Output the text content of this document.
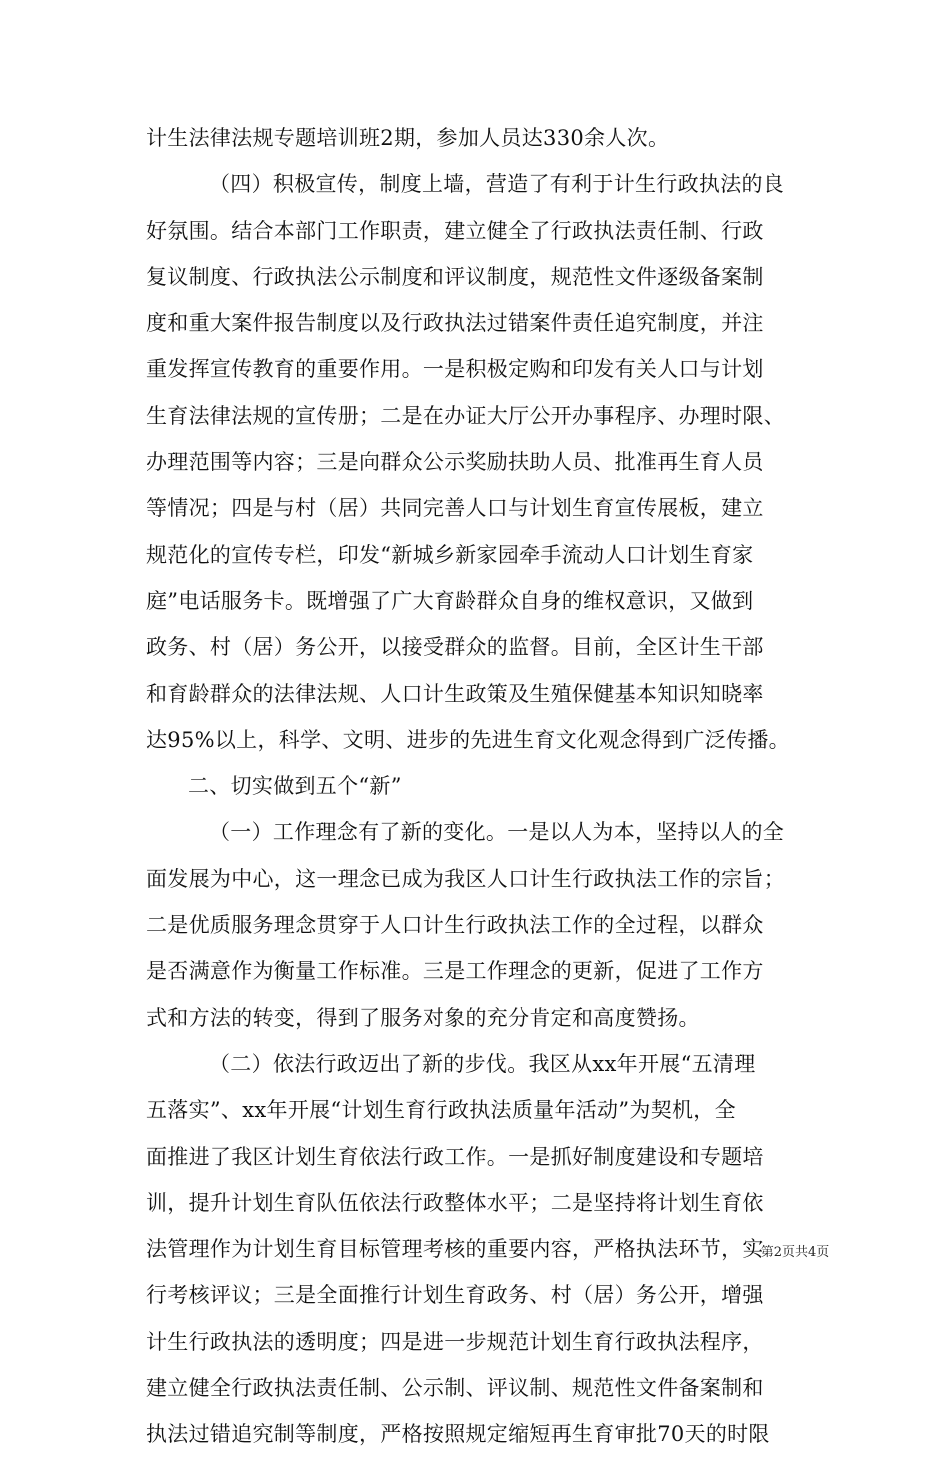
计生法律法规专题培训班2期，参加人员达330余人次。
（四）积极宣传，制度上墙，营造了有利于计生行政执法的良
好氛围。结合本部门工作职责，建立健全了行政执法责任制、行政
复议制度、行政执法公示制度和评议制度，规范性文件逐级备案制
度和重大案件报告制度以及行政执法过错案件责任追究制度，并注
重发挥宣传教育的重要作用。一是积极定购和印发有关人口与计划
生育法律法规的宣传册；二是在办证大厅公开办事程序、办理时限、
办理范围等内容；三是向群众公示奖励扶助人员、批准再生育人员
等情况；四是与村（居）共同完善人口与计划生育宣传展板，建立
规范化的宣传专栏，印发“新城乡新家园牵手流动人口计划生育家
庭”电话服务卡。既增强了广大育龄群众自身的维权意识，又做到
政务、村（居）务公开，以接受群众的监督。目前，全区计生干部
和育龄群众的法律法规、人口计生政策及生殖保健基本知识知晓率
达95%以上，科学、文明、进步的先进生育文化观念得到广泛传播。
二、切实做到五个“新”
（一）工作理念有了新的变化。一是以人为本，坚持以人的全
面发展为中心，这一理念已成为我区人口计生行政执法工作的宗旨；
二是优质服务理念贯穿于人口计生行政执法工作的全过程，以群众
是否满意作为衡量工作标准。三是工作理念的更新，促进了工作方
式和方法的转变，得到了服务对象的充分肯定和高度赞扬。
（二）依法行政迈出了新的步伐。我区从xx年开展“五清理
五落实”、xx年开展“计划生育行政执法质量年活动”为契机，全
面推进了我区计划生育依法行政工作。一是抓好制度建设和专题培
训，提升计划生育队伍依法行政整体水平；二是坚持将计划生育依
法管理作为计划生育目标管理考核的重要内容，严格执法环节，实
行考核评议；三是全面推行计划生育政务、村（居）务公开，增强
计生行政执法的透明度；四是进一步规范计划生育行政执法程序，
建立健全行政执法责任制、公示制、评议制、规范性文件备案制和
执法过错追究制等制度，严格按照规定缩短再生育审批70天的时限
第2页共4页
